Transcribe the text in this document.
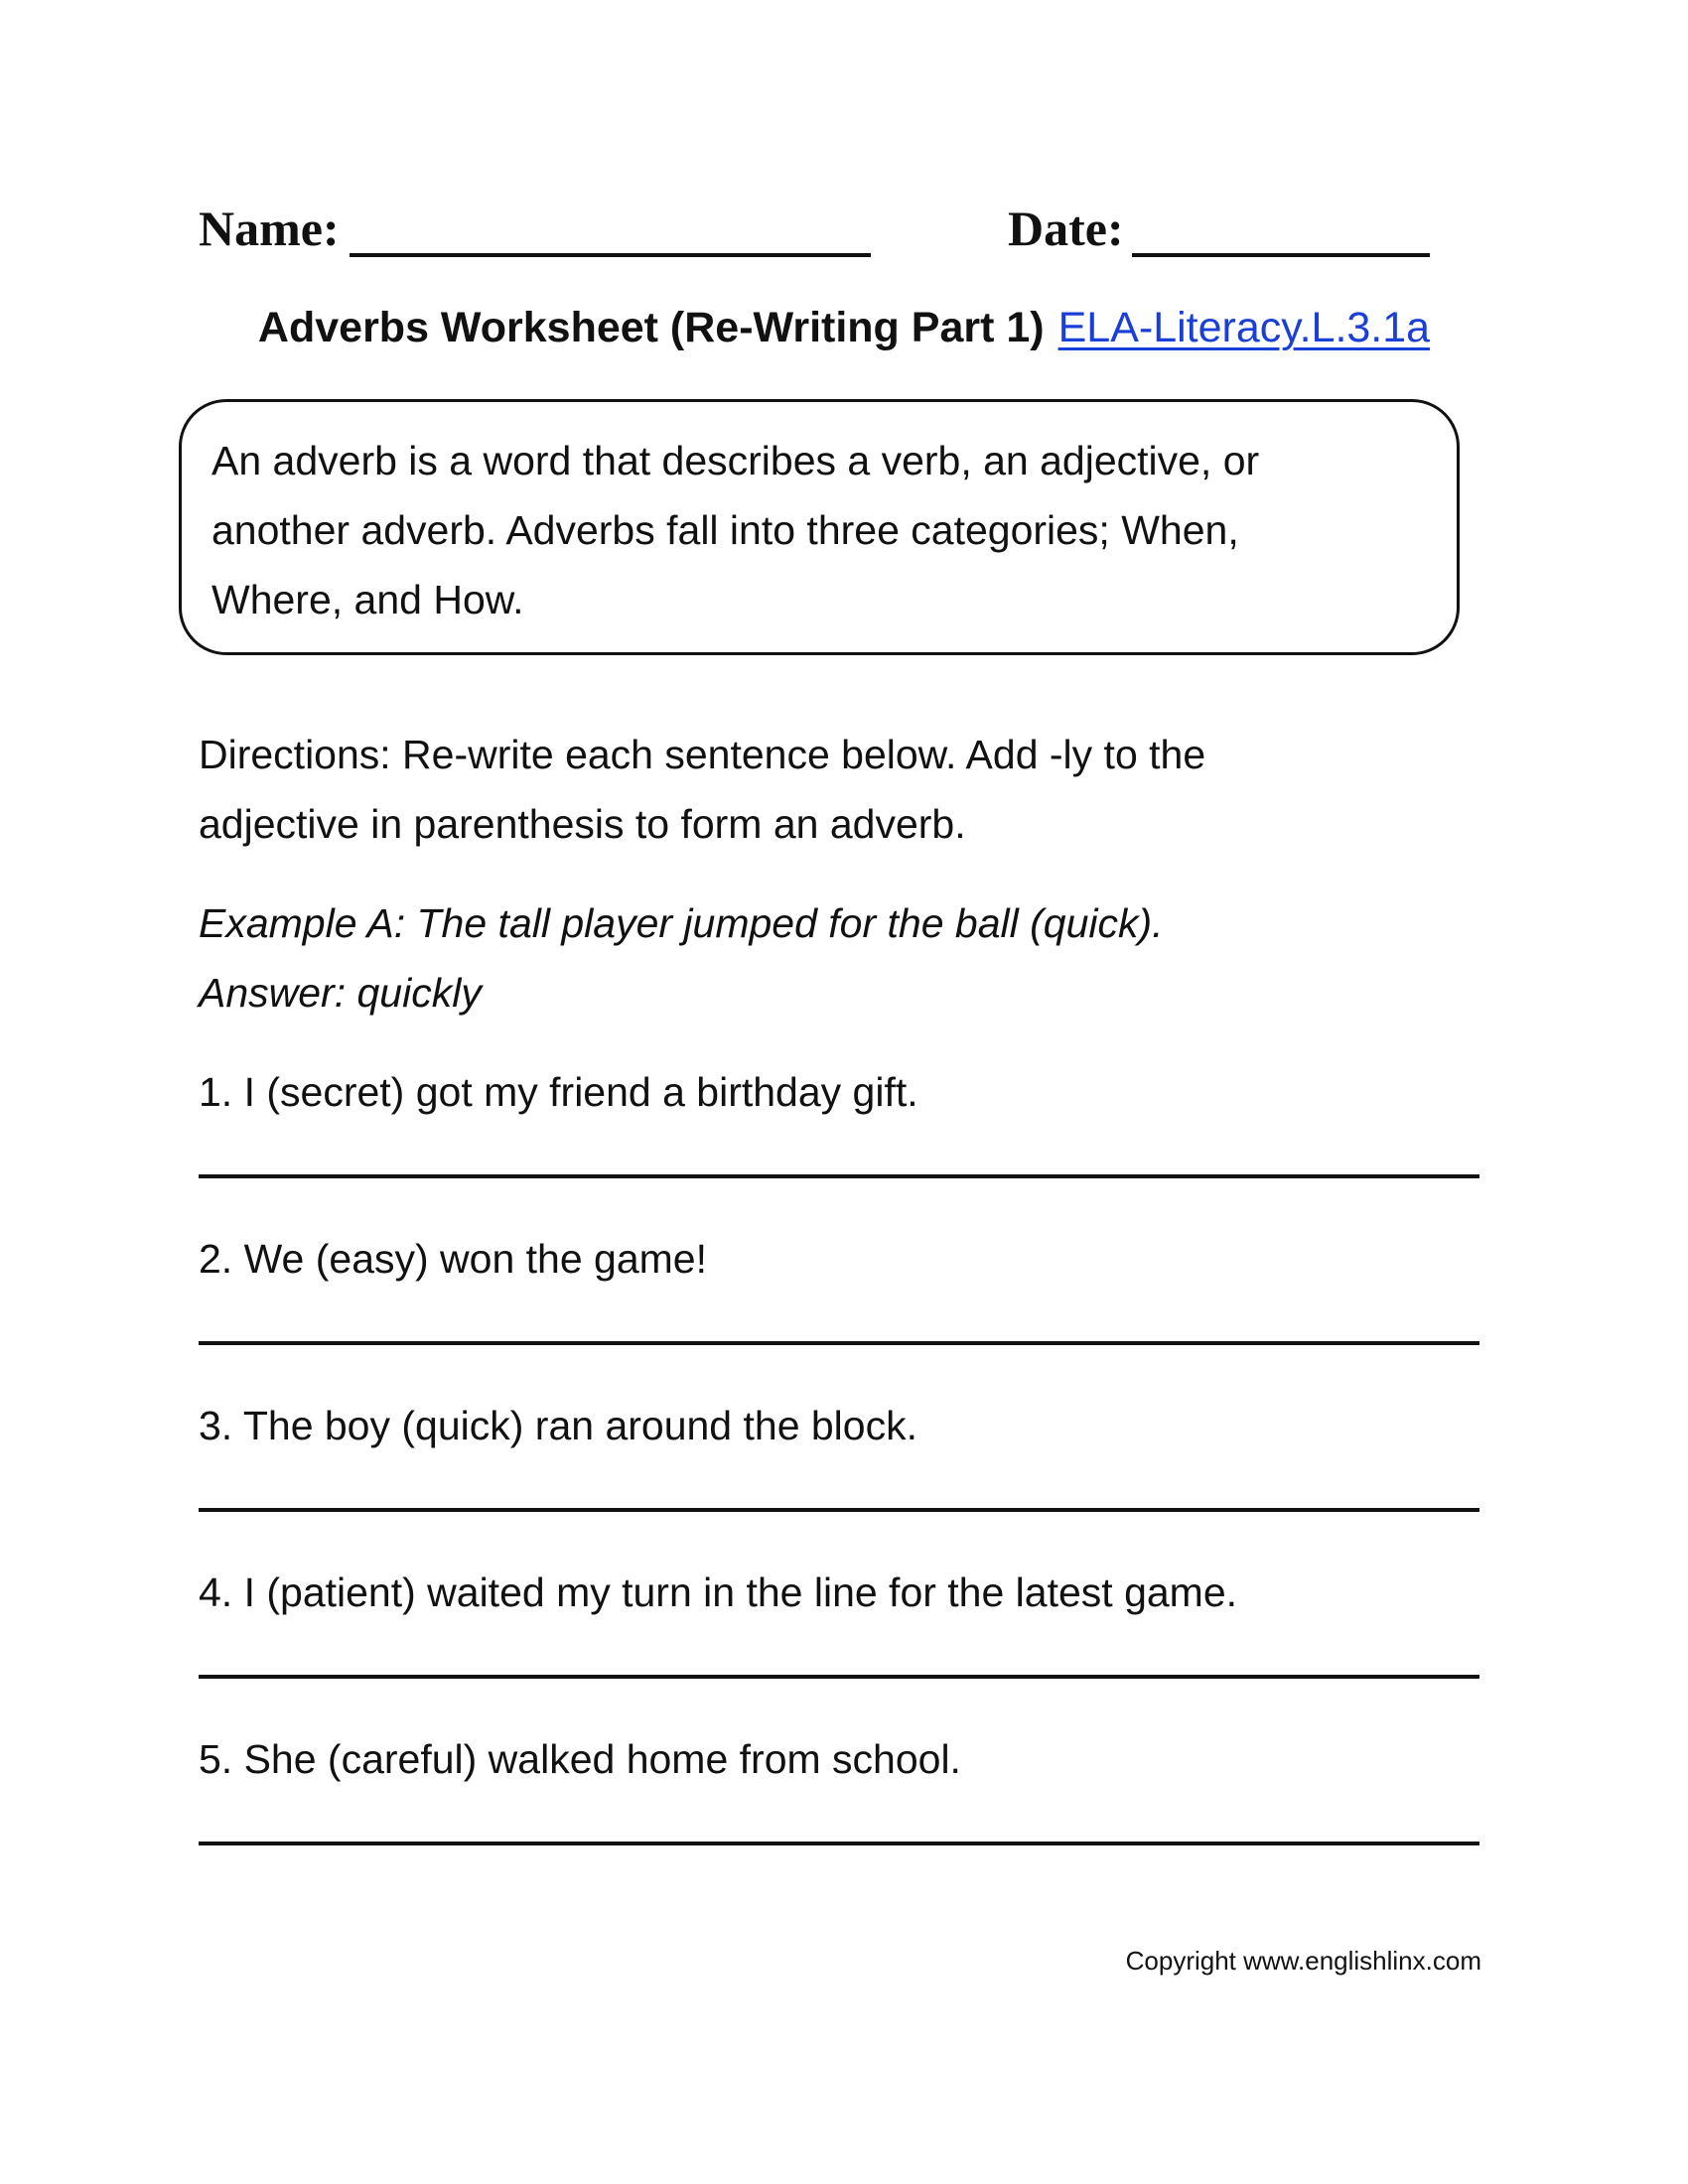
Name:	Date:
Adverbs Worksheet (Re-Writing Part 1) ELA-Literacy.L.3.1a
An adverb is a word that describes a verb, an adjective, or
another adverb. Adverbs fall into three categories; When,
Where, and How.
Directions: Re-write each sentence below. Add -ly to the
adjective in parenthesis to form an adverb.
Example A: The tall player jumped for the ball (quick).
Answer: quickly
1. I (secret) got my friend a birthday gift.
2. We (easy) won the game!
3. The boy (quick) ran around the block.
4. I (patient) waited my turn in the line for the latest game.
5. She (careful) walked home from school.
Copyright www.englishlinx.com
